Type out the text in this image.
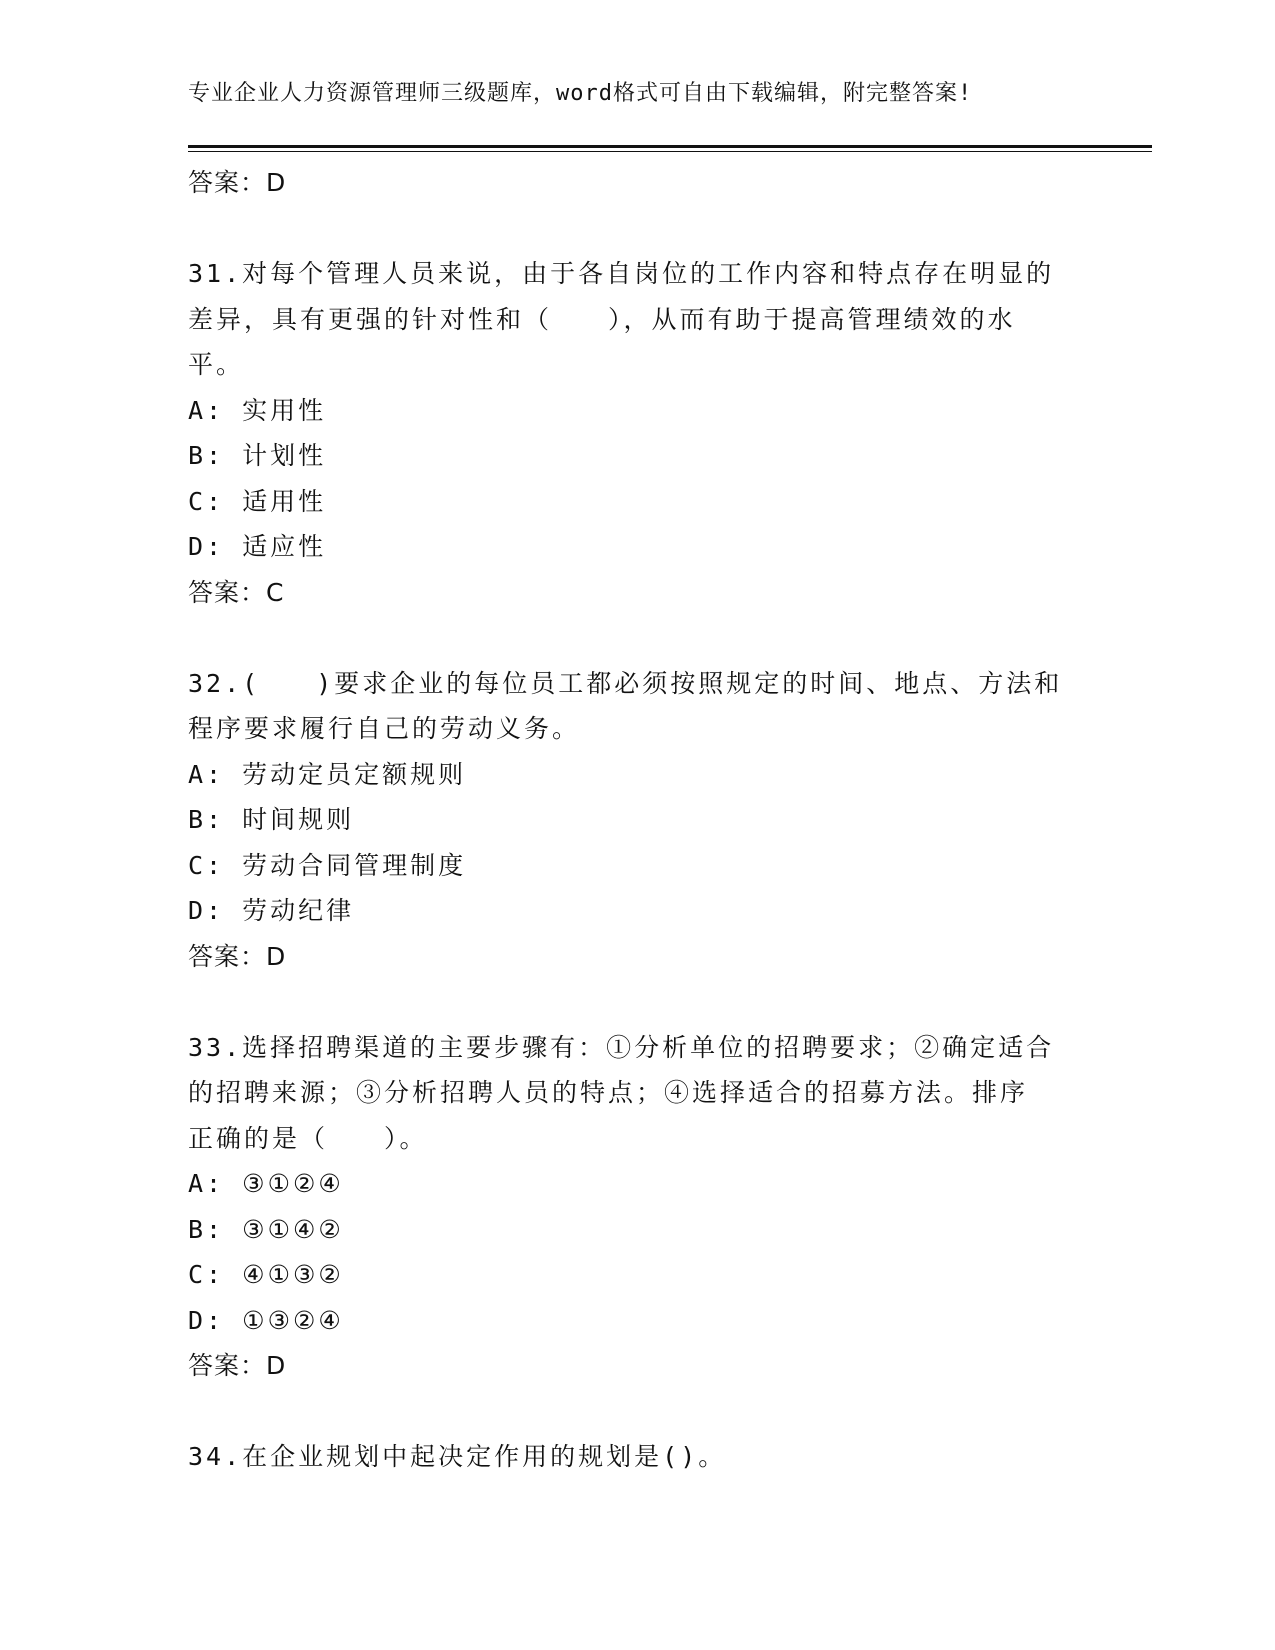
专业企业人力资源管理师三级题库，word格式可自由下载编辑，附完整答案!
答案：D
31.对每个管理人员来说，由于各自岗位的工作内容和特点存在明显的
差异，具有更强的针对性和（　　），从而有助于提高管理绩效的水
平。
A: 实用性
B: 计划性
C: 适用性
D: 适应性
答案：C
32.(　　)要求企业的每位员工都必须按照规定的时间、地点、方法和
程序要求履行自己的劳动义务。
A: 劳动定员定额规则
B: 时间规则
C: 劳动合同管理制度
D: 劳动纪律
答案：D
33.选择招聘渠道的主要步骤有：①分析单位的招聘要求；②确定适合
的招聘来源；③分析招聘人员的特点；④选择适合的招募方法。排序
正确的是（　　）。
A: ③①②④
B: ③①④②
C: ④①③②
D: ①③②④
答案：D
34.在企业规划中起决定作用的规划是()。
